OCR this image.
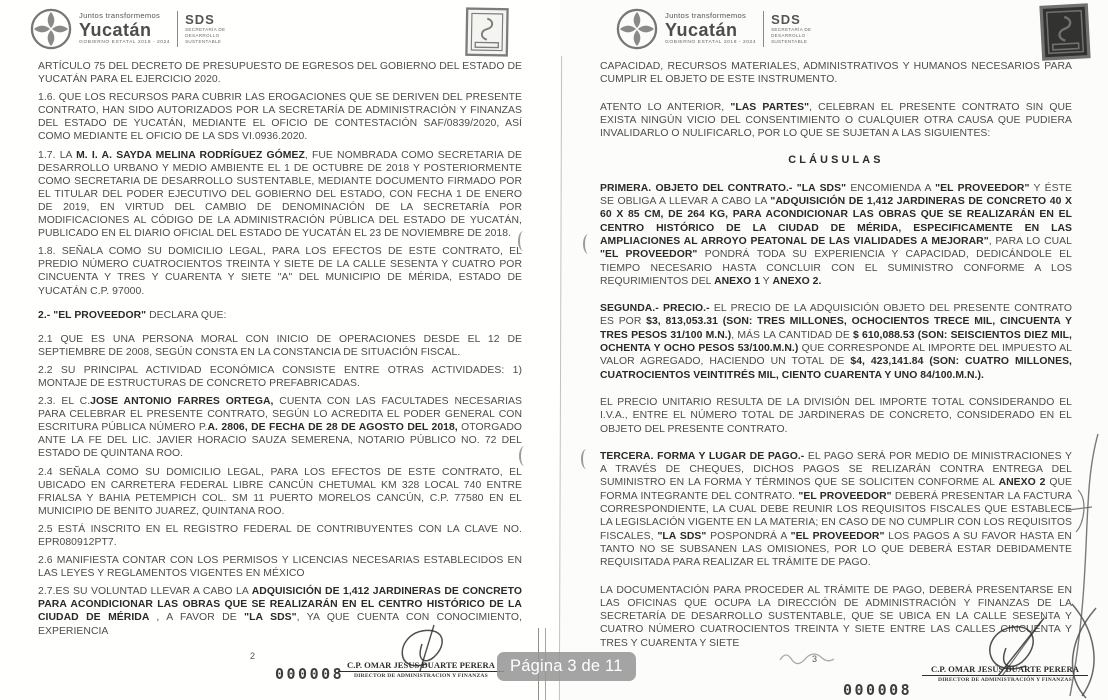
Juntos transformemos
Yucatán
GOBIERNO ESTATAL 2018 - 2024
SDS
SECRETARÍA DE
DESARROLLO
SUSTENTABLE

ARTÍCULO 75 DEL DECRETO DE PRESUPUESTO DE EGRESOS DEL GOBIERNO DEL ESTADO DE YUCATÁN PARA EL EJERCICIO 2020.

1.6. QUE LOS RECURSOS PARA CUBRIR LAS EROGACIONES QUE SE DERIVEN DEL PRESENTE CONTRATO, HAN SIDO AUTORIZADOS POR LA SECRETARÍA DE ADMINISTRACIÓN Y FINANZAS DEL ESTADO DE YUCATÁN, MEDIANTE EL OFICIO DE CONTESTACIÓN SAF/0839/2020, ASÍ COMO MEDIANTE EL OFICIO DE LA SDS VI.0936.2020.

1.7. LA M. I. A. SAYDA MELINA RODRÍGUEZ GÓMEZ, FUE NOMBRADA COMO SECRETARIA DE DESARROLLO URBANO Y MEDIO AMBIENTE EL 1 DE OCTUBRE DE 2018 Y POSTERIORMENTE COMO SECRETARIA DE DESARROLLO SUSTENTABLE, MEDIANTE DOCUMENTO FIRMADO POR EL TITULAR DEL PODER EJECUTIVO DEL GOBIERNO DEL ESTADO, CON FECHA 1 DE ENERO DE 2019, EN VIRTUD DEL CAMBIO DE DENOMINACIÓN DE LA SECRETARÍA POR MODIFICACIONES AL CÓDIGO DE LA ADMINISTRACIÓN PÚBLICA DEL ESTADO DE YUCATÁN, PUBLICADO EN EL DIARIO OFICIAL DEL ESTADO DE YUCATÁN EL 23 DE NOVIEMBRE DE 2018.

1.8. SEÑALA COMO SU DOMICILIO LEGAL, PARA LOS EFECTOS DE ESTE CONTRATO, EL PREDIO NÚMERO CUATROCIENTOS TREINTA Y SIETE DE LA CALLE SESENTA Y CUATRO POR CINCUENTA Y TRES Y CUARENTA Y SIETE "A" DEL MUNICIPIO DE MÉRIDA, ESTADO DE YUCATÁN C.P. 97000.

2.- "EL PROVEEDOR" DECLARA QUE:

2.1 QUE ES UNA PERSONA MORAL CON INICIO DE OPERACIONES DESDE EL 12 DE SEPTIEMBRE DE 2008, SEGÚN CONSTA EN LA CONSTANCIA DE SITUACIÓN FISCAL.

2.2 SU PRINCIPAL ACTIVIDAD ECONÓMICA CONSISTE ENTRE OTRAS ACTIVIDADES: 1) MONTAJE DE ESTRUCTURAS DE CONCRETO PREFABRICADAS.

2.3. EL C.JOSE ANTONIO FARRES ORTEGA, CUENTA CON LAS FACULTADES NECESARIAS PARA CELEBRAR EL PRESENTE CONTRATO, SEGÚN LO ACREDITA EL PODER GENERAL CON ESCRITURA PÚBLICA NÚMERO P.A. 2806, DE FECHA DE 28 DE AGOSTO DEL 2018, OTORGADO ANTE LA FE DEL LIC. JAVIER HORACIO SAUZA SEMERENA, NOTARIO PÚBLICO NO. 72 DEL ESTADO DE QUINTANA ROO.

2.4 SEÑALA COMO SU DOMICILIO LEGAL, PARA LOS EFECTOS DE ESTE CONTRATO, EL UBICADO EN CARRETERA FEDERAL LIBRE CANCÚN CHETUMAL KM 328 LOCAL 740 ENTRE FRIALSA Y BAHIA PETEMPICH COL. SM 11 PUERTO MORELOS CANCÚN, C.P. 77580 EN EL MUNICIPIO DE BENITO JUAREZ, QUINTANA ROO.

2.5 ESTÁ INSCRITO EN EL REGISTRO FEDERAL DE CONTRIBUYENTES CON LA CLAVE NO. EPR080912PT7.

2.6 MANIFIESTA CONTAR CON LOS PERMISOS Y LICENCIAS NECESARIAS ESTABLECIDOS EN LAS LEYES Y REGLAMENTOS VIGENTES EN MÉXICO

2.7.ES SU VOLUNTAD LLEVAR A CABO LA ADQUISICIÓN DE 1,412 JARDINERAS DE CONCRETO PARA ACONDICIONAR LAS OBRAS QUE SE REALIZARÁN EN EL CENTRO HISTÓRICO DE LA CIUDAD DE MÉRIDA , A FAVOR DE "LA SDS", YA QUE CUENTA CON CONOCIMIENTO, EXPERIENCIA

2
000008 C.P. OMAR JESUS DUARTE PERERA
DIRECTOR DE ADMINISTRACION Y FINANZAS
Juntos transformemos
Yucatán
GOBIERNO ESTATAL 2018 - 2024
SDS
SECRETARÍA DE
DESARROLLO
SUSTENTABLE

CAPACIDAD, RECURSOS MATERIALES, ADMINISTRATIVOS Y HUMANOS NECESARIOS PARA CUMPLIR EL OBJETO DE ESTE INSTRUMENTO.

ATENTO LO ANTERIOR, "LAS PARTES", CELEBRAN EL PRESENTE CONTRATO SIN QUE EXISTA NINGÚN VICIO DEL CONSENTIMIENTO O CUALQUIER OTRA CAUSA QUE PUDIERA INVALIDARLO O NULIFICARLO, POR LO QUE SE SUJETAN A LAS SIGUIENTES:

CLÁUSULAS

PRIMERA. OBJETO DEL CONTRATO.- "LA SDS" ENCOMIENDA A "EL PROVEEDOR" Y ÉSTE SE OBLIGA A LLEVAR A CABO LA "ADQUISICIÓN DE 1,412 JARDINERAS DE CONCRETO 40 X 60 X 85 CM, DE 264 KG, PARA ACONDICIONAR LAS OBRAS QUE SE REALIZARÁN EN EL CENTRO HISTÓRICO DE LA CIUDAD DE MÉRIDA, ESPECIFICAMENTE EN LAS AMPLIACIONES AL ARROYO PEATONAL DE LAS VIALIDADES A MEJORAR", PARA LO CUAL "EL PROVEEDOR" PONDRÁ TODA SU EXPERIENCIA Y CAPACIDAD, DEDICÁNDOLE EL TIEMPO NECESARIO HASTA CONCLUIR CON EL SUMINISTRO CONFORME A LOS REQURIMIENTOS DEL ANEXO 1 Y ANEXO 2.

SEGUNDA.- PRECIO.- EL PRECIO DE LA ADQUISICIÓN OBJETO DEL PRESENTE CONTRATO ES POR $3, 813,053.31 (SON: TRES MILLONES, OCHOCIENTOS TRECE MIL, CINCUENTA Y TRES PESOS 31/100 M.N.), MÁS LA CANTIDAD DE $ 610,088.53 (SON: SEISCIENTOS DIEZ MIL, OCHENTA Y OCHO PESOS 53/100.M.N.) QUE CORRESPONDE AL IMPORTE DEL IMPUESTO AL VALOR AGREGADO, HACIENDO UN TOTAL DE $4, 423,141.84 (SON: CUATRO MILLONES, CUATROCIENTOS VEINTITRÉS MIL, CIENTO CUARENTA Y UNO 84/100.M.N.).

EL PRECIO UNITARIO RESULTA DE LA DIVISIÓN DEL IMPORTE TOTAL CONSIDERANDO EL I.V.A., ENTRE EL NÚMERO TOTAL DE JARDINERAS DE CONCRETO, CONSIDERADO EN EL OBJETO DEL PRESENTE CONTRATO.

TERCERA. FORMA Y LUGAR DE PAGO.- EL PAGO SERÁ POR MEDIO DE MINISTRACIONES Y A TRAVÉS DE CHEQUES, DICHOS PAGOS SE RELIZARÁN CONTRA ENTREGA DEL SUMINISTRO EN LA FORMA Y TÉRMINOS QUE SE SOLICITEN CONFORME AL ANEXO 2 QUE FORMA INTEGRANTE DEL CONTRATO. "EL PROVEEDOR" DEBERÁ PRESENTAR LA FACTURA CORRESPONDIENTE, LA CUAL DEBE REUNIR LOS REQUISITOS FISCALES QUE ESTABLECE LA LEGISLACIÓN VIGENTE EN LA MATERIA; EN CASO DE NO CUMPLIR CON LOS REQUISITOS FISCALES, "LA SDS" POSPONDRÁ A "EL PROVEEDOR" LOS PAGOS A SU FAVOR HASTA EN TANTO NO SE SUBSANEN LAS OMISIONES, POR LO QUE DEBERÁ ESTAR DEBIDAMENTE REQUISITADA PARA REALIZAR EL TRÁMITE DE PAGO.

LA DOCUMENTACIÓN PARA PROCEDER AL TRÁMITE DE PAGO, DEBERÁ PRESENTARSE EN LAS OFICINAS QUE OCUPA LA DIRECCIÓN DE ADMINISTRACIÓN Y FINANZAS DE LA SECRETARÍA DE DESARROLLO SUSTENTABLE, QUE SE UBICA EN LA CALLE SESENTA Y CUATRO NÚMERO CUATROCIENTOS TREINTA Y SIETE ENTRE LAS CALLES CINCUENTA Y TRES Y CUARENTA Y SIETE

3
000008
C.P. OMAR JESÚS DUARTE PERERA
DIRECTOR DE ADMINISTRACIÓN Y FINANZAS
Página 3 de 11
